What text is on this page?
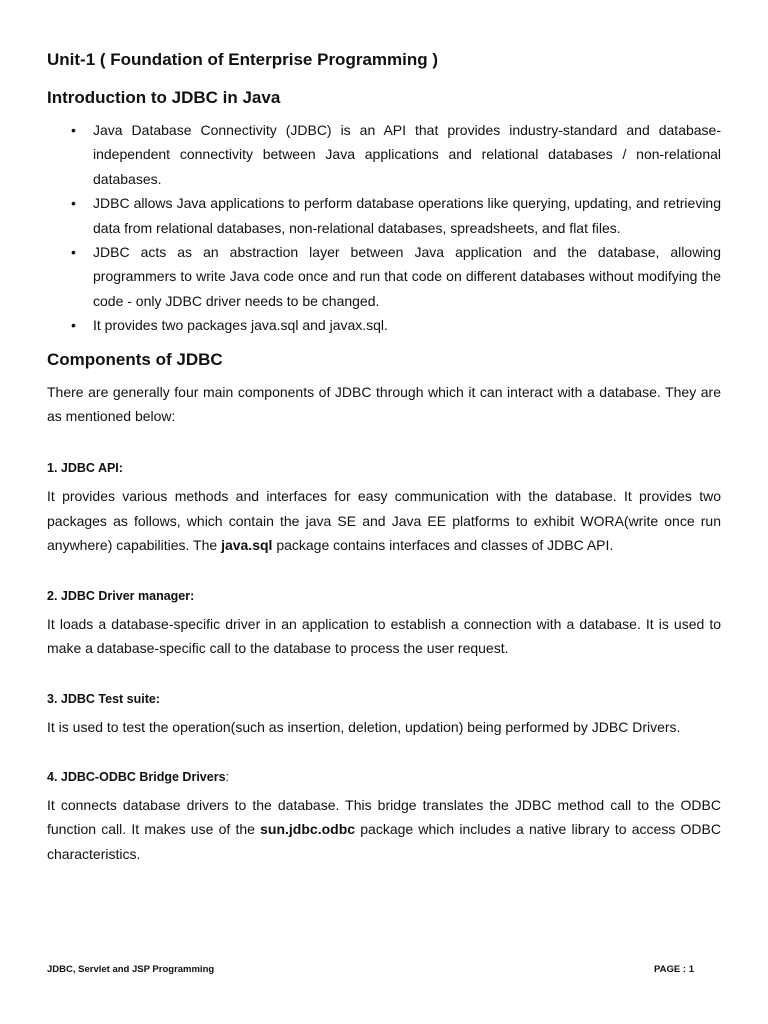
Unit-1 ( Foundation of Enterprise Programming )
Introduction to JDBC in Java
• Java Database Connectivity (JDBC) is an API that provides industry-standard and database-independent connectivity between Java applications and relational databases / non-relational databases.
• JDBC allows Java applications to perform database operations like querying, updating, and retrieving data from relational databases, non-relational databases, spreadsheets, and flat files.
• JDBC acts as an abstraction layer between Java application and the database, allowing programmers to write Java code once and run that code on different databases without modifying the code - only JDBC driver needs to be changed.
• It provides two packages java.sql and javax.sql.
Components of JDBC

There are generally four main components of JDBC through which it can interact with a database. They are as mentioned below:

1. JDBC API:

It provides various methods and interfaces for easy communication with the database. It provides two packages as follows, which contain the java SE and Java EE platforms to exhibit WORA(write once run anywhere) capabilities. The java.sql package contains interfaces and classes of JDBC API.

2. JDBC Driver manager:

It loads a database-specific driver in an application to establish a connection with a database. It is used to make a database-specific call to the database to process the user request.

3. JDBC Test suite:

It is used to test the operation(such as insertion, deletion, updation) being performed by JDBC Drivers.

4. JDBC-ODBC Bridge Drivers:

It connects database drivers to the database. This bridge translates the JDBC method call to the ODBC function call. It makes use of the sun.jdbc.odbc package which includes a native library to access ODBC characteristics.

JDBC, Servlet and JSP Programming	PAGE : 1
